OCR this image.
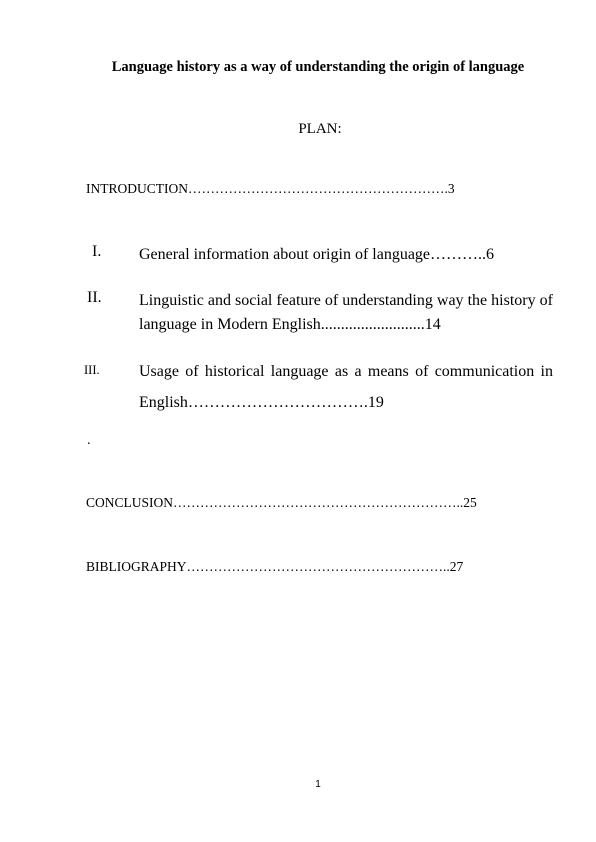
Language history as a way of understanding the origin of language
PLAN:
INTRODUCTION………………………………………………….3
I. General information about origin of language………..6
II. Linguistic and social feature of understanding way the history of language in Modern English..........................14
III. Usage of historical language as a means of communication in English…………………………….19
.
CONCLUSION………………………………………………………..25
BIBLIOGRAPHY…………………………………………………..27
1
